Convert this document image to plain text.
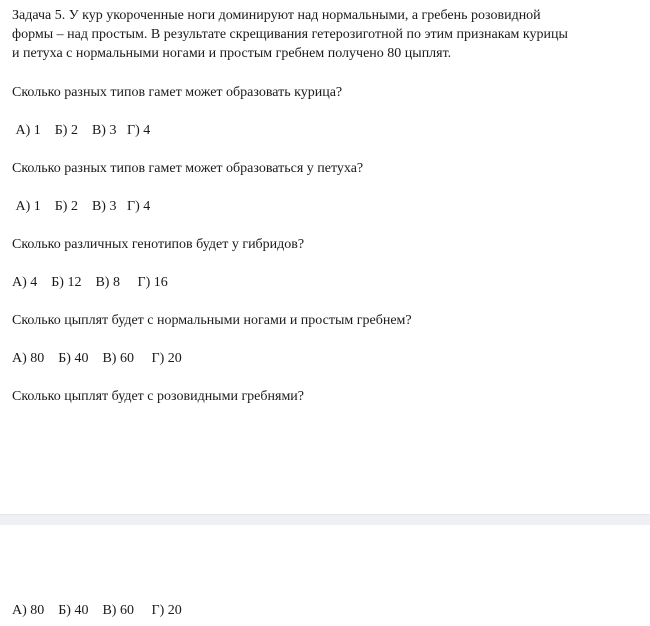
Задача 5. У кур укороченные ноги доминируют над нормальными, а гребень розовидной
формы – над простым. В результате скрещивания гетерозиготной по этим признакам курицы
и петуха с нормальными ногами и простым гребнем получено 80 цыплят.
Сколько разных типов гамет может образовать курица?
А) 1    Б) 2    В) 3   Г) 4
Сколько разных типов гамет может образоваться у петуха?
А) 1    Б) 2    В) 3   Г) 4
Сколько различных генотипов будет у гибридов?
А) 4    Б) 12    В) 8     Г) 16
Сколько цыплят будет с нормальными ногами и простым гребнем?
А) 80    Б) 40    В) 60     Г) 20
Сколько цыплят будет с розовидными гребнями?
А) 80    Б) 40    В) 60     Г) 20
